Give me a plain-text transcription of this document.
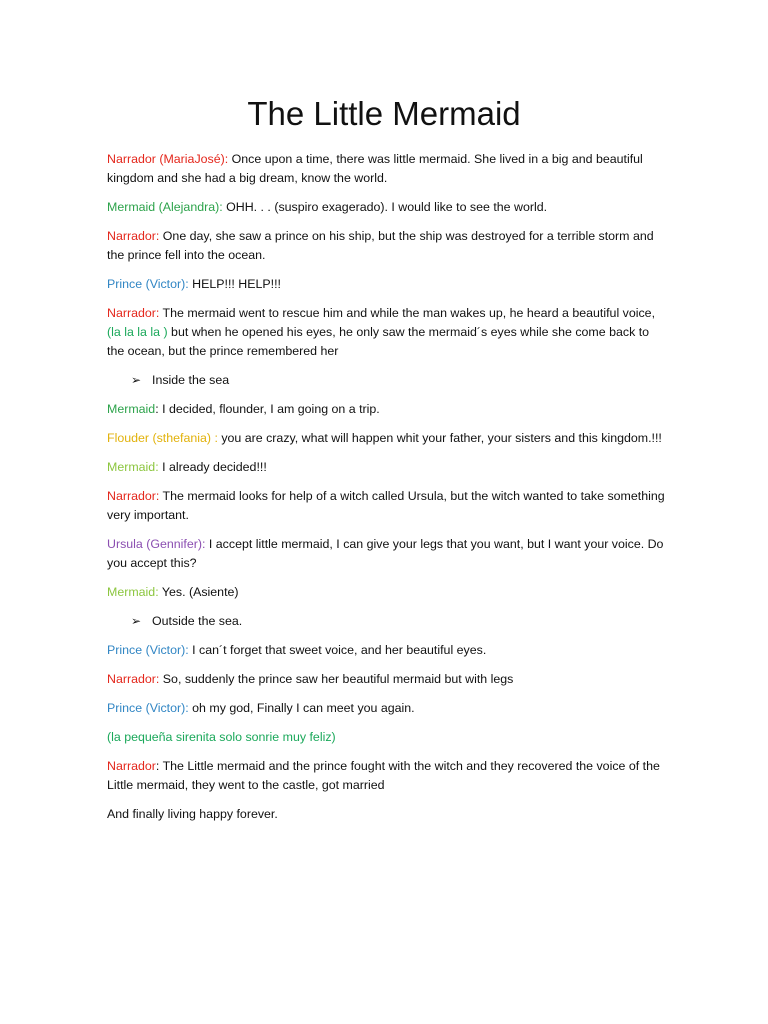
The Little Mermaid

Narrador (MariaJosé): Once upon a time, there was little mermaid. She lived in a big and beautiful kingdom and she had a big dream, know the world.

Mermaid (Alejandra): OHH. . . (suspiro exagerado). I would like to see the world.

Narrador: One day, she saw a prince on his ship, but the ship was destroyed for a terrible storm and the prince fell into the ocean.

Prince (Victor): HELP!!! HELP!!!

Narrador: The mermaid went to rescue him and while the man wakes up, he heard a beautiful voice, (la la la la ) but when he opened his eyes, he only saw the mermaid´s eyes while she come back to the ocean, but the prince remembered her

➢ Inside the sea

Mermaid: I decided, flounder, I am going on a trip.

Flouder (sthefania) : you are crazy, what will happen whit your father, your sisters and this kingdom.!!!

Mermaid: I already decided!!!

Narrador: The mermaid looks for help of a witch called Ursula, but the witch wanted to take something very important.

Ursula (Gennifer): I accept little mermaid, I can give your legs that you want, but I want your voice. Do you accept this?

Mermaid: Yes. (Asiente)

➢ Outside the sea.

Prince (Victor): I can´t forget that sweet voice, and her beautiful eyes.

Narrador: So, suddenly the prince saw her beautiful mermaid but with legs

Prince (Victor): oh my god, Finally I can meet you again.

(la pequeña sirenita solo sonrie muy feliz)

Narrador: The Little mermaid and the prince fought with the witch and they recovered the voice of the Little mermaid, they went to the castle, got married

And finally living happy forever.
